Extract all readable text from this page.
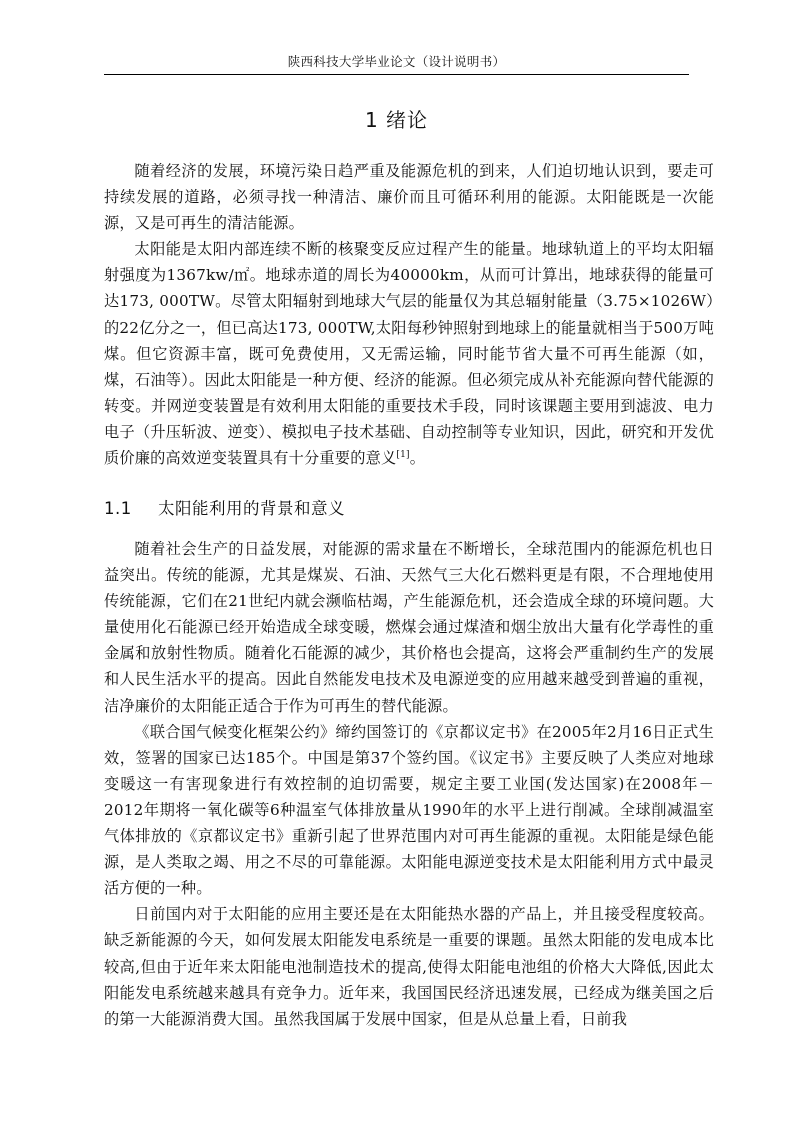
陕西科技大学毕业论文（设计说明书）
1 绪论

随着经济的发展，环境污染日趋严重及能源危机的到来，人们迫切地认识到，要走可持续发展的道路，必须寻找一种清洁、廉价而且可循环利用的能源。太阳能既是一次能源，又是可再生的清洁能源。

太阳能是太阳内部连续不断的核聚变反应过程产生的能量。地球轨道上的平均太阳辐射强度为1367kw/㎡。地球赤道的周长为40000km，从而可计算出，地球获得的能量可达173, 000TW。尽管太阳辐射到地球大气层的能量仅为其总辐射能量（3.75×1026W）的22亿分之一，但已高达173, 000TW,太阳每秒钟照射到地球上的能量就相当于500万吨煤。但它资源丰富，既可免费使用，又无需运输，同时能节省大量不可再生能源（如，煤，石油等）。因此太阳能是一种方便、经济的能源。但必须完成从补充能源向替代能源的转变。并网逆变装置是有效利用太阳能的重要技术手段，同时该课题主要用到滤波、电力电子（升压斩波、逆变）、模拟电子技术基础、自动控制等专业知识，因此，研究和开发优质价廉的高效逆变装置具有十分重要的意义[1]。

1.1 太阳能利用的背景和意义

随着社会生产的日益发展，对能源的需求量在不断增长，全球范围内的能源危机也日益突出。传统的能源，尤其是煤炭、石油、天然气三大化石燃料更是有限，不合理地使用传统能源，它们在21世纪内就会濒临枯竭，产生能源危机，还会造成全球的环境问题。大量使用化石能源已经开始造成全球变暖，燃煤会通过煤渣和烟尘放出大量有化学毒性的重金属和放射性物质。随着化石能源的减少，其价格也会提高，这将会严重制约生产的发展和人民生活水平的提高。因此自然能发电技术及电源逆变的应用越来越受到普遍的重视，洁净廉价的太阳能正适合于作为可再生的替代能源。

《联合国气候变化框架公约》缔约国签订的《京都议定书》在2005年2月16日正式生效，签署的国家已达185个。中国是第37个签约国。《议定书》主要反映了人类应对地球变暖这一有害现象进行有效控制的迫切需要，规定主要工业国(发达国家)在2008年－2012年期将一氧化碳等6种温室气体排放量从1990年的水平上进行削减。全球削减温室气体排放的《京都议定书》重新引起了世界范围内对可再生能源的重视。太阳能是绿色能源，是人类取之竭、用之不尽的可靠能源。太阳能电源逆变技术是太阳能利用方式中最灵活方便的一种。

日前国内对于太阳能的应用主要还是在太阳能热水器的产品上，并且接受程度较高。缺乏新能源的今天，如何发展太阳能发电系统是一重要的课题。虽然太阳能的发电成本比较高,但由于近年来太阳能电池制造技术的提高,使得太阳能电池组的价格大大降低,因此太阳能发电系统越来越具有竞争力。近年来，我国国民经济迅速发展，已经成为继美国之后的第一大能源消费大国。虽然我国属于发展中国家，但是从总量上看，日前我
